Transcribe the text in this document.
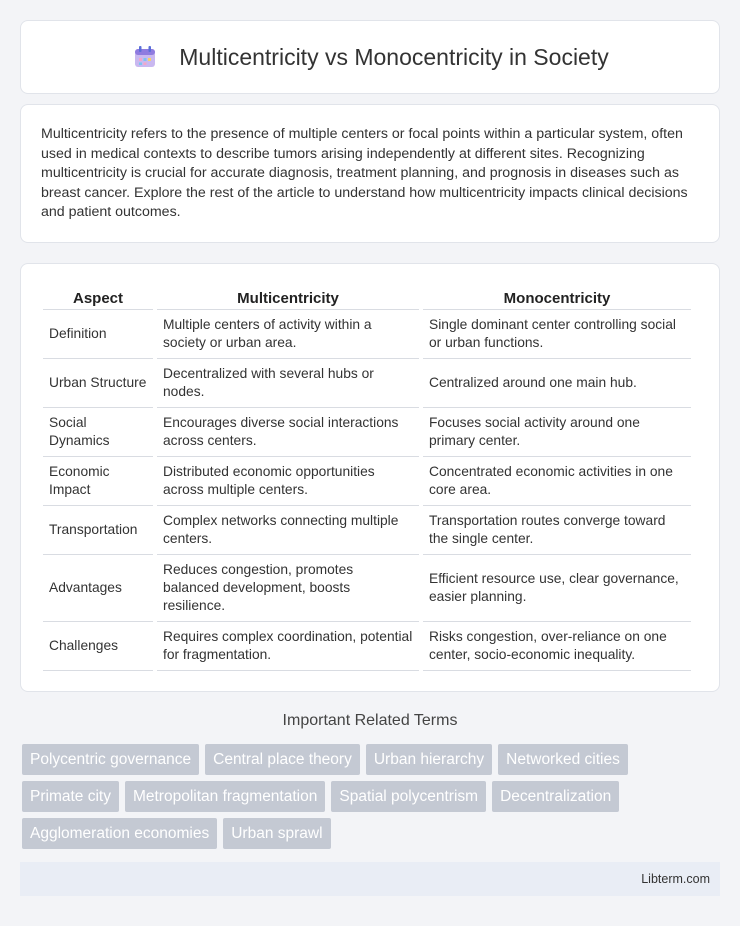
Multicentricity vs Monocentricity in Society

Multicentricity refers to the presence of multiple centers or focal points within a particular system, often used in medical contexts to describe tumors arising independently at different sites. Recognizing multicentricity is crucial for accurate diagnosis, treatment planning, and prognosis in diseases such as breast cancer. Explore the rest of the article to understand how multicentricity impacts clinical decisions and patient outcomes.

Aspect	Multicentricity	Monocentricity
Definition	Multiple centers of activity within a society or urban area.	Single dominant center controlling social or urban functions.
Urban Structure	Decentralized with several hubs or nodes.	Centralized around one main hub.
Social Dynamics	Encourages diverse social interactions across centers.	Focuses social activity around one primary center.
Economic Impact	Distributed economic opportunities across multiple centers.	Concentrated economic activities in one core area.
Transportation	Complex networks connecting multiple centers.	Transportation routes converge toward the single center.
Advantages	Reduces congestion, promotes balanced development, boosts resilience.	Efficient resource use, clear governance, easier planning.
Challenges	Requires complex coordination, potential for fragmentation.	Risks congestion, over-reliance on one center, socio-economic inequality.
Important Related Terms
Polycentric governance Central place theory Urban hierarchy Networked cities
Primate city Metropolitan fragmentation Spatial polycentrism Decentralization
Agglomeration economies Urban sprawl
Libterm.com
